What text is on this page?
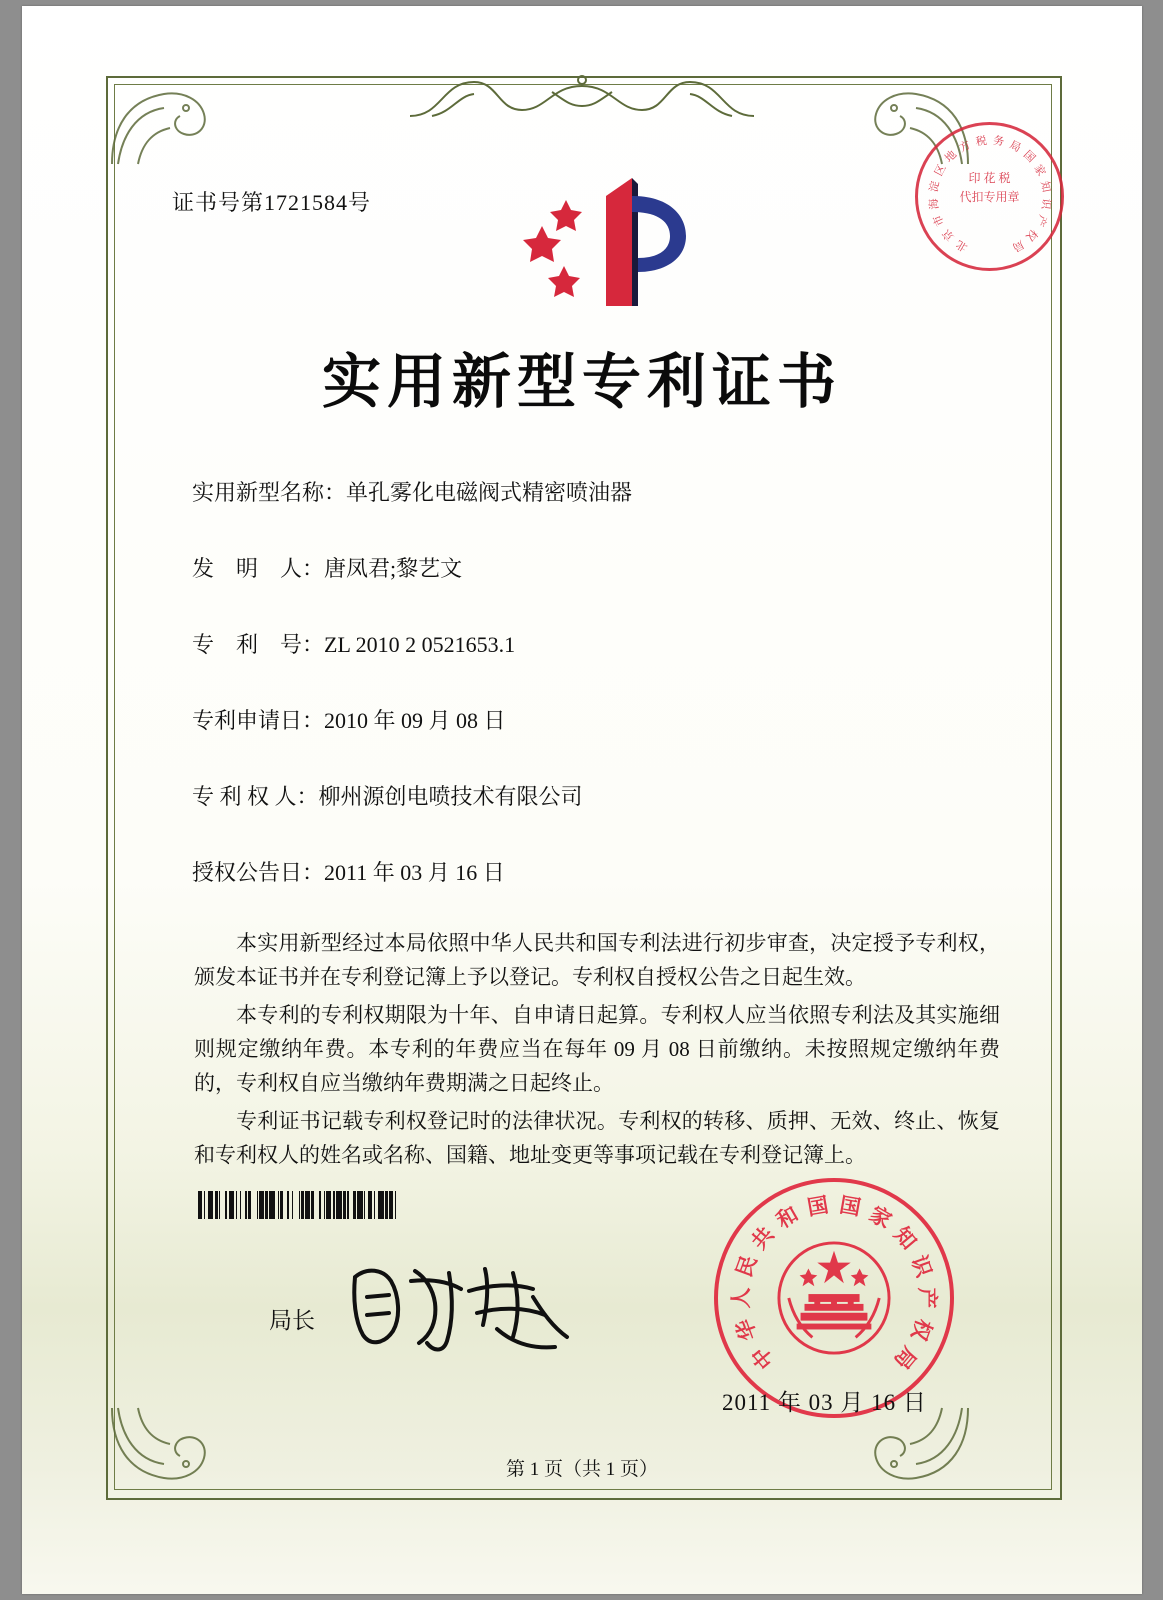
证书号第1721584号
北
京
市
海
淀
区
地
方 税 务 局
国
家
知
识
产
权
局
印 花 税
代扣专用章
实用新型专利证书
实用新型名称：单孔雾化电磁阀式精密喷油器
发　明　人：唐凤君;黎艺文
专　利　号：ZL 2010 2 0521653.1
专利申请日：2010 年 09 月 08 日
专 利 权 人：柳州源创电喷技术有限公司
授权公告日：2011 年 03 月 16 日

本实用新型经过本局依照中华人民共和国专利法进行初步审查，决定授予专利权，颁发本证书并在专利登记簿上予以登记。专利权自授权公告之日起生效。

本专利的专利权期限为十年、自申请日起算。专利权人应当依照专利法及其实施细则规定缴纳年费。本专利的年费应当在每年 09 月 08 日前缴纳。未按照规定缴纳年费的，专利权自应当缴纳年费期满之日起终止。

专利证书记载专利权登记时的法律状况。专利权的转移、质押、无效、终止、恢复和专利权人的姓名或名称、国籍、地址变更等事项记载在专利登记簿上。

局长
中
华
人
民
共
和 国 国 家
知
识
产
权
局
2011 年 03 月 16 日
第 1 页（共 1 页）
